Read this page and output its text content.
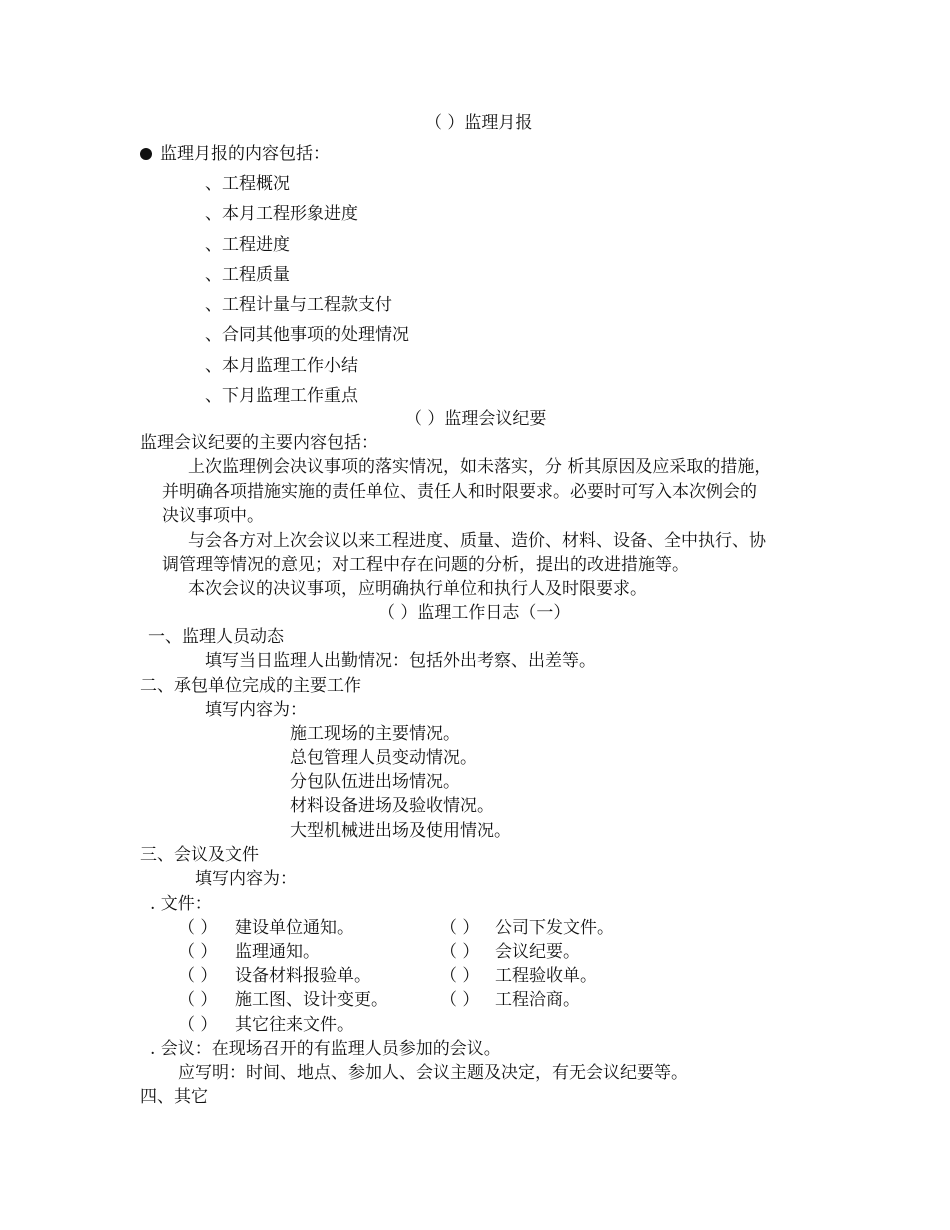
（ ）监理月报
监理月报的内容包括：
、工程概况
、本月工程形象进度
、工程进度
、工程质量
、工程计量与工程款支付
、合同其他事项的处理情况
、本月监理工作小结
、下月监理工作重点
（ ）监理会议纪要
监理会议纪要的主要内容包括：
上次监理例会决议事项的落实情况，如未落实，分 析其原因及应采取的措施，
并明确各项措施实施的责任单位、责任人和时限要求。必要时可写入本次例会的
决议事项中。
与会各方对上次会议以来工程进度、质量、造价、材料、设备、全中执行、协
调管理等情况的意见；对工程中存在问题的分析，提出的改进措施等。
本次会议的决议事项，应明确执行单位和执行人及时限要求。
（ ）监理工作日志（一）
一、监理人员动态
填写当日监理人出勤情况：包括外出考察、出差等。
二、承包单位完成的主要工作
填写内容为：
施工现场的主要情况。
总包管理人员变动情况。
分包队伍进出场情况。
材料设备进场及验收情况。
大型机械进出场及使用情况。
三、会议及文件
填写内容为：
. 文件：
（ ） 建设单位通知。	（ ） 公司下发文件。
（ ） 监理通知。	（ ） 会议纪要。
（ ） 设备材料报验单。	（ ） 工程验收单。
（ ） 施工图、设计变更。	（ ） 工程洽商。
（ ） 其它往来文件。
. 会议：在现场召开的有监理人员参加的会议。
应写明：时间、地点、参加人、会议主题及决定，有无会议纪要等。
四、其它
